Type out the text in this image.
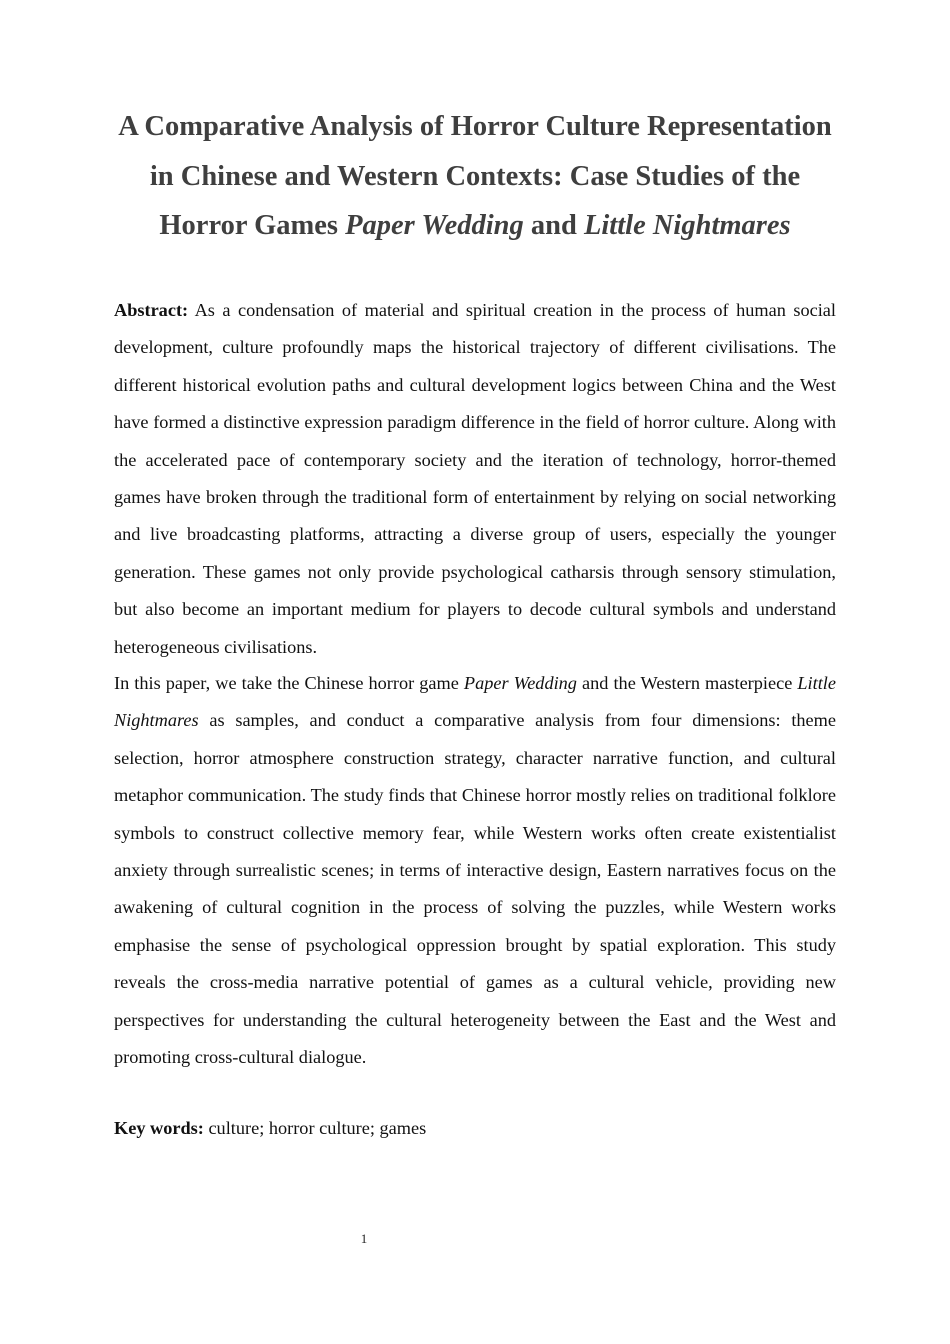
A Comparative Analysis of Horror Culture Representation
in Chinese and Western Contexts: Case Studies of the
Horror Games Paper Wedding and Little Nightmares

Abstract: As a condensation of material and spiritual creation in the process of human social development, culture profoundly maps the historical trajectory of different civilisations. The different historical evolution paths and cultural development logics between China and the West have formed a distinctive expression paradigm difference in the field of horror culture. Along with the accelerated pace of contemporary society and the iteration of technology, horror-themed games have broken through the traditional form of entertainment by relying on social networking and live broadcasting platforms, attracting a diverse group of users, especially the younger generation. These games not only provide psychological catharsis through sensory stimulation, but also become an important medium for players to decode cultural symbols and understand heterogeneous civilisations.

In this paper, we take the Chinese horror game Paper Wedding and the Western masterpiece Little Nightmares as samples, and conduct a comparative analysis from four dimensions: theme selection, horror atmosphere construction strategy, character narrative function, and cultural metaphor communication. The study finds that Chinese horror mostly relies on traditional folklore symbols to construct collective memory fear, while Western works often create existentialist anxiety through surrealistic scenes; in terms of interactive design, Eastern narratives focus on the awakening of cultural cognition in the process of solving the puzzles, while Western works emphasise the sense of psychological oppression brought by spatial exploration. This study reveals the cross-media narrative potential of games as a cultural vehicle, providing new perspectives for understanding the cultural heterogeneity between the East and the West and promoting cross-cultural dialogue.

Key words: culture; horror culture; games

1
